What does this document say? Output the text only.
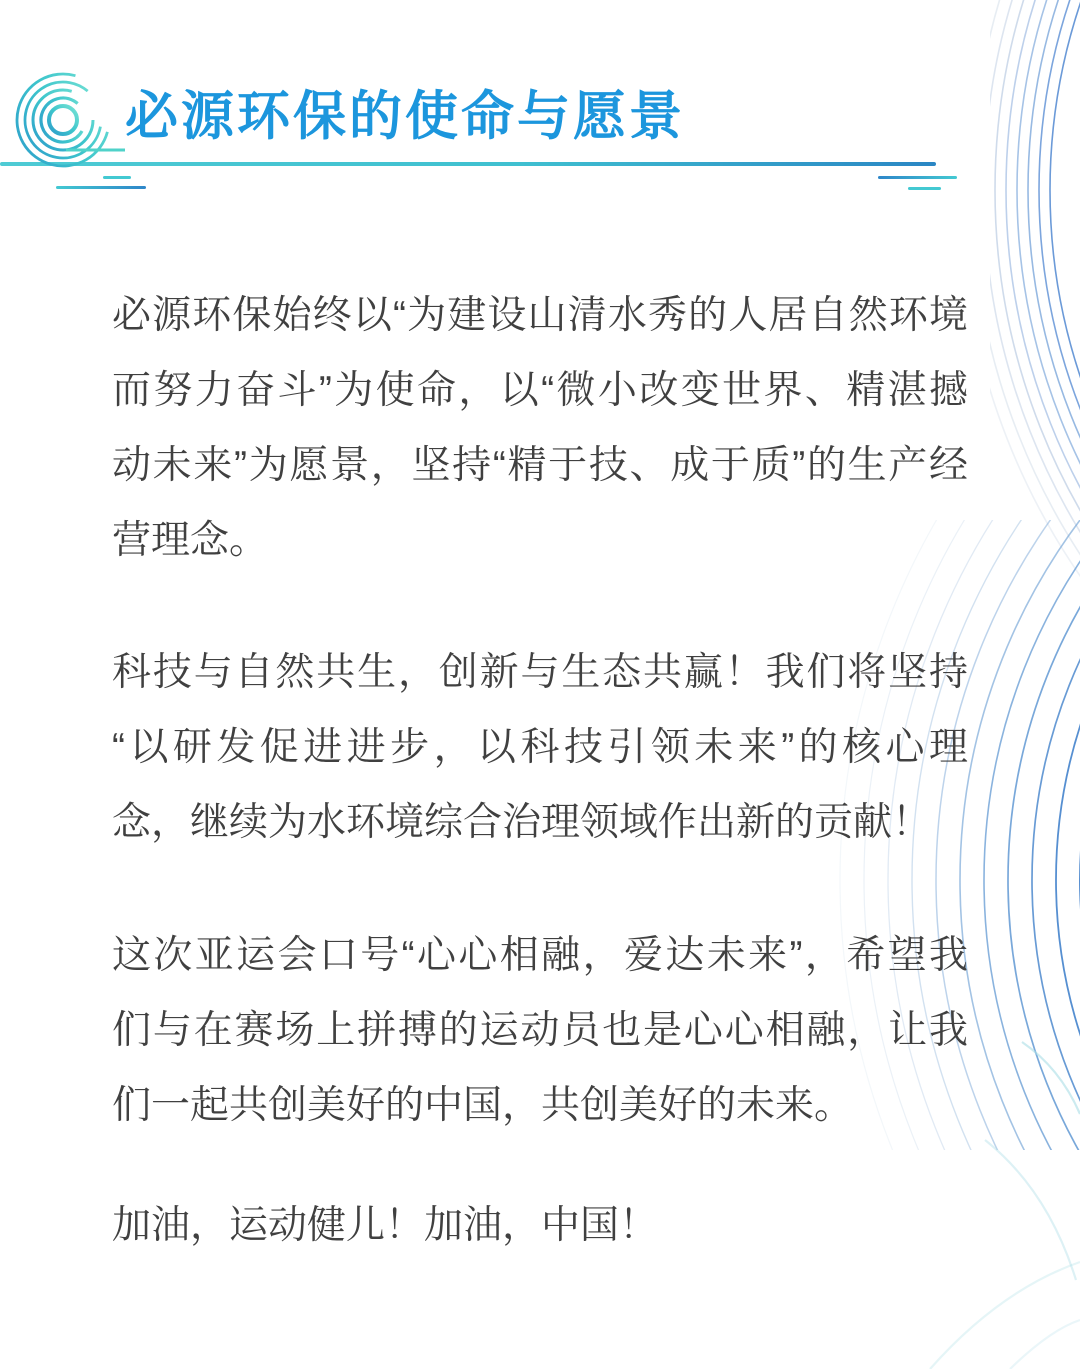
必源环保的使命与愿景
必源环保始终以“为建设山清水秀的人居自然环境
而努力奋斗”为使命，以“微小改变世界、精湛撼
动未来”为愿景，坚持“精于技、成于质”的生产经
营理念。
科技与自然共生，创新与生态共赢！我们将坚持
“以研发促进进步，以科技引领未来”的核心理
念，继续为水环境综合治理领域作出新的贡献！
这次亚运会口号“心心相融，爱达未来”，希望我
们与在赛场上拼搏的运动员也是心心相融，让我
们一起共创美好的中国，共创美好的未来。
加油，运动健儿！加油，中国！
